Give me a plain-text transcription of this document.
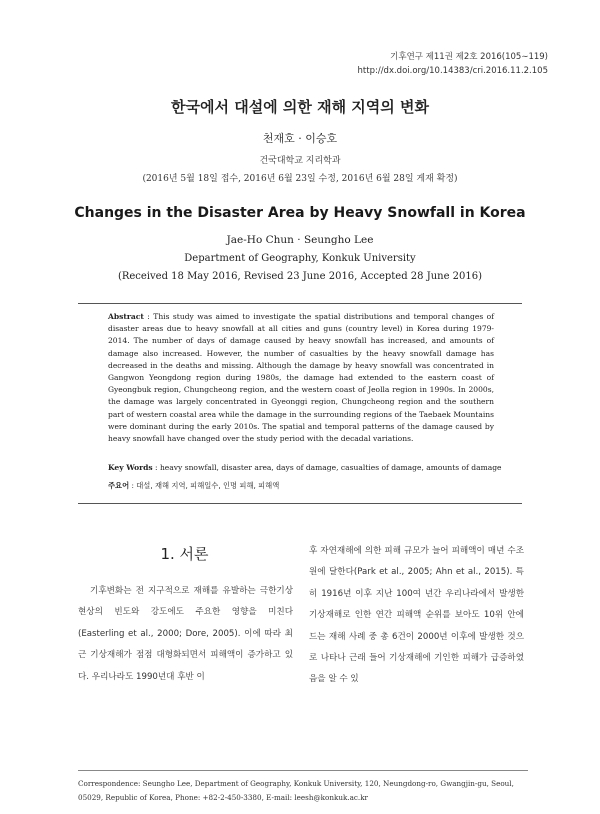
기후연구 제11권 제2호 2016(105∼119)
http://dx.doi.org/10.14383/cri.2016.11.2.105
한국에서 대설에 의한 재해 지역의 변화
천재호 · 이승호
건국대학교 지리학과
(2016년 5월 18일 접수, 2016년 6월 23일 수정, 2016년 6월 28일 게재 확정)
Changes in the Disaster Area by Heavy Snowfall in Korea
Jae-Ho Chun · Seungho Lee
Department of Geography, Konkuk University
(Received 18 May 2016, Revised 23 June 2016, Accepted 28 June 2016)
Abstract : This study was aimed to investigate the spatial distributions and temporal changes of disaster areas due to heavy snowfall at all cities and guns (country level) in Korea during 1979-2014. The number of days of damage caused by heavy snowfall has increased, and amounts of damage also increased. However, the number of casualties by the heavy snowfall damage has decreased in the deaths and missing. Although the damage by heavy snowfall was concentrated in Gangwon Yeongdong region during 1980s, the damage had extended to the eastern coast of Gyeongbuk region, Chungcheong region, and the western coast of Jeolla region in 1990s. In 2000s, the damage was largely concentrated in Gyeonggi region, Chungcheong region and the southern part of western coastal area while the damage in the surrounding regions of the Taebaek Mountains were dominant during the early 2010s. The spatial and temporal patterns of the damage caused by heavy snowfall have changed over the study period with the decadal variations.
Key Words : heavy snowfall, disaster area, days of damage, casualties of damage, amounts of damage
주요어 : 대설, 재해 지역, 피해일수, 인명 피해, 피해액
1. 서론
기후변화는 전 지구적으로 재해를 유발하는 극한기상 현상의 빈도와 강도에도 주요한 영향을 미친다(Easterling et al., 2000; Dore, 2005). 이에 따라 최근 기상재해가 점점 대형화되면서 피해액이 증가하고 있다. 우리나라도 1990년대 후반 이
후 자연재해에 의한 피해 규모가 늘어 피해액이 매년 수조원에 달한다(Park et al., 2005; Ahn et al., 2015). 특히 1916년 이후 지난 100여 년간 우리나라에서 발생한 기상재해로 인한 연간 피해액 순위를 보아도 10위 안에 드는 재해 사례 중 총 6건이 2000년 이후에 발생한 것으로 나타나 근래 들어 기상재해에 기인한 피해가 급증하였음을 알 수 있
Correspondence: Seungho Lee, Department of Geography, Konkuk University, 120, Neungdong-ro, Gwangjin-gu, Seoul, 05029, Republic of Korea, Phone: +82-2-450-3380, E-mail: leesh@konkuk.ac.kr
